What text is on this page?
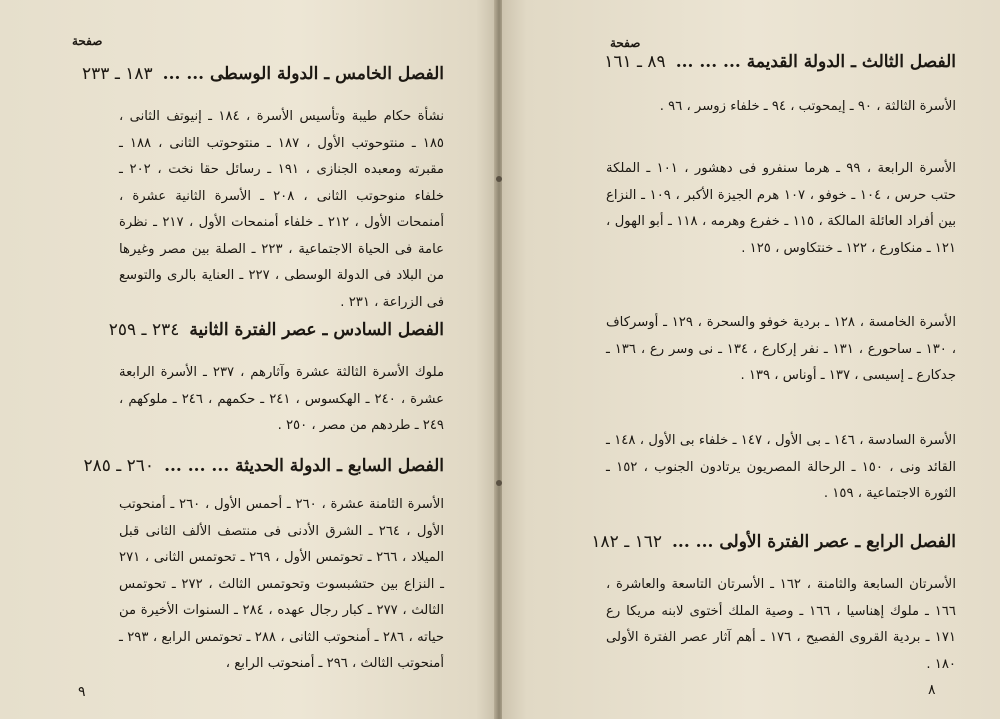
صفحة
الفصل الخامس ـ الدولة الوسطى ... ...١٨٣ ـ ٢٣٣
نشأة حكام طيبة وتأسيس الأسرة ، ١٨٤ ـ إنيوتف الثانى ، ١٨٥ ـ منتوحوتب الأول ، ١٨٧ ـ منتوحوتب الثانى ، ١٨٨ ـ مقبرته ومعبده الجنازى ، ١٩١ ـ رسائل حقا نخت ، ٢٠٢ ـ خلفاء منوحوتب الثانى ، ٢٠٨ ـ الأسرة الثانية عشرة ، أمنمحات الأول ، ٢١٢ ـ خلفاء أمنمحات الأول ، ٢١٧ ـ نظرة عامة فى الحياة الاجتماعية ، ٢٢٣ ـ الصلة بين مصر وغيرها من البلاد فى الدولة الوسطى ، ٢٢٧ ـ العناية بالرى والتوسع فى الزراعة ، ٢٣١ .
الفصل السادس ـ عصر الفترة الثانية٢٣٤ ـ ٢٥٩
ملوك الأسرة الثالثة عشرة وآثارهم ، ٢٣٧ ـ الأسرة الرابعة عشرة ، ٢٤٠ ـ الهكسوس ، ٢٤١ ـ حكمهم ، ٢٤٦ ـ ملوكهم ، ٢٤٩ ـ طردهم من مصر ، ٢٥٠ .
الفصل السابع ـ الدولة الحديثة ... ... ...٢٦٠ ـ ٢٨٥
الأسرة الثامنة عشرة ، ٢٦٠ ـ أحمس الأول ، ٢٦٠ ـ أمنحوتب الأول ، ٢٦٤ ـ الشرق الأدنى فى منتصف الألف الثانى قبل الميلاد ، ٢٦٦ ـ تحوتمس الأول ، ٢٦٩ ـ تحوتمس الثانى ، ٢٧١ ـ النزاع بين حتشبسوت وتحوتمس الثالث ، ٢٧٢ ـ تحوتمس الثالث ، ٢٧٧ ـ كبار رجال عهده ، ٢٨٤ ـ السنوات الأخيرة من حياته ، ٢٨٦ ـ أمنحوتب الثانى ، ٢٨٨ ـ تحوتمس الرابع ، ٢٩٣ ـ أمنحوتب الثالث ، ٢٩٦ ـ أمنحوتب الرابع ،
٩
صفحة
الفصل الثالث ـ الدولة القديمة ... ... ...٨٩ ـ ١٦١
الأسرة الثالثة ، ٩٠ ـ إيمحوتب ، ٩٤ ـ خلفاء زوسر ، ٩٦ .
الأسرة الرابعة ، ٩٩ ـ هرما سنفرو فى دهشور ، ١٠١ ـ الملكة حتب حرس ، ١٠٤ ـ خوفو ، ١٠٧ هرم الجيزة الأكبر ، ١٠٩ ـ النزاع بين أفراد العائلة المالكة ، ١١٥ ـ خفرع وهرمه ، ١١٨ ـ أبو الهول ، ١٢١ ـ منكاورع ، ١٢٢ ـ خنتكاوس ، ١٢٥ .
الأسرة الخامسة ، ١٢٨ ـ بردية خوفو والسحرة ، ١٢٩ ـ أوسركاف ، ١٣٠ ـ ساحورع ، ١٣١ ـ نفر إركارع ، ١٣٤ ـ نى وسر رع ، ١٣٦ ـ جدكارع ـ إسيسى ، ١٣٧ ـ أوناس ، ١٣٩ .
الأسرة السادسة ، ١٤٦ ـ بى الأول ، ١٤٧ ـ خلفاء بى الأول ، ١٤٨ ـ القائد ونى ، ١٥٠ ـ الرحالة المصريون يرتادون الجنوب ، ١٥٢ ـ الثورة الاجتماعية ، ١٥٩ .
الفصل الرابع ـ عصر الفترة الأولى ... ...١٦٢ ـ ١٨٢
الأسرتان السابعة والثامنة ، ١٦٢ ـ الأسرتان التاسعة والعاشرة ، ١٦٦ ـ ملوك إهناسيا ، ١٦٦ ـ وصية الملك أختوى لابنه مريكا رع ١٧١ ـ بردية القروى الفصيح ، ١٧٦ ـ أهم آثار عصر الفترة الأولى ١٨٠ .
٨
